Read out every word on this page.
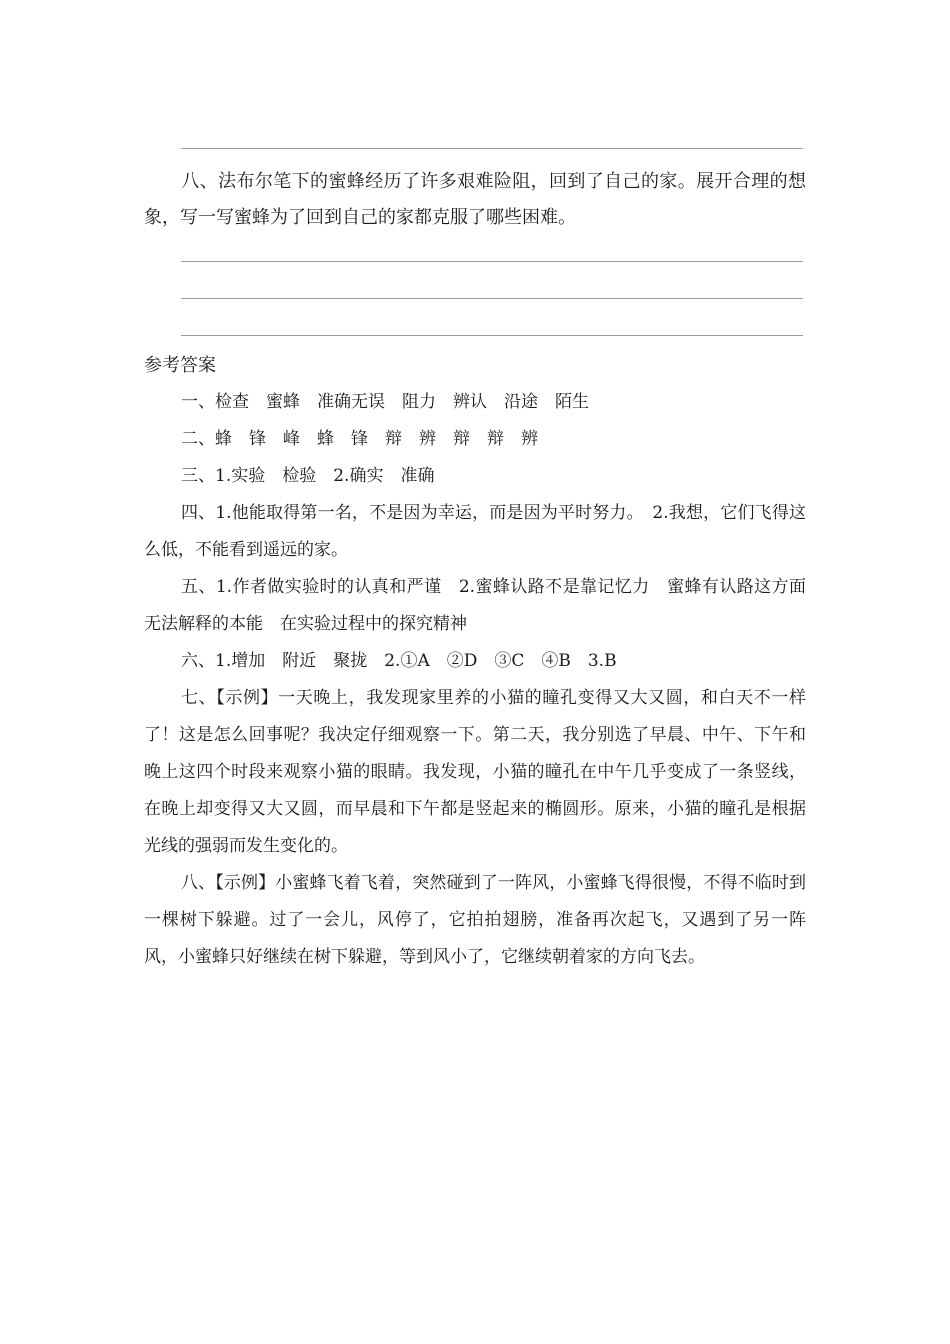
八、法布尔笔下的蜜蜂经历了许多艰难险阻，回到了自己的家。展开合理的想象，写一写蜜蜂为了回到自己的家都克服了哪些困难。
参考答案

一、检查　蜜蜂　准确无误　阻力　辨认　沿途　陌生

二、蜂　锋　峰　蜂　锋　辩　辨　辩　辩　辨

三、1.实验　检验　2.确实　准确

四、1.他能取得第一名，不是因为幸运，而是因为平时努力。　2.我想，它们飞得这么低，不能看到遥远的家。

五、1.作者做实验时的认真和严谨　2.蜜蜂认路不是靠记忆力　蜜蜂有认路这方面无法解释的本能　在实验过程中的探究精神

六、1.增加　附近　聚拢　2.①A　②D　③C　④B　3.B

七、【示例】一天晚上，我发现家里养的小猫的瞳孔变得又大又圆，和白天不一样了！这是怎么回事呢？我决定仔细观察一下。第二天，我分别选了早晨、中午、下午和晚上这四个时段来观察小猫的眼睛。我发现，小猫的瞳孔在中午几乎变成了一条竖线，在晚上却变得又大又圆，而早晨和下午都是竖起来的椭圆形。原来，小猫的瞳孔是根据光线的强弱而发生变化的。

八、【示例】小蜜蜂飞着飞着，突然碰到了一阵风，小蜜蜂飞得很慢，不得不临时到一棵树下躲避。过了一会儿，风停了，它拍拍翅膀，准备再次起飞，又遇到了另一阵风，小蜜蜂只好继续在树下躲避，等到风小了，它继续朝着家的方向飞去。
